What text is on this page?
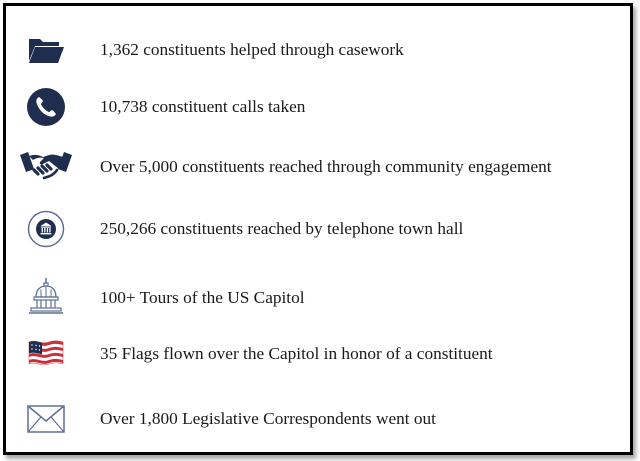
1,362 constituents helped through casework
10,738 constituent calls taken
Over 5,000 constituents reached through community engagement
250,266 constituents reached by telephone town hall
100+ Tours of the US Capitol
35 Flags flown over the Capitol in honor of a constituent
Over 1,800 Legislative Correspondents went out
